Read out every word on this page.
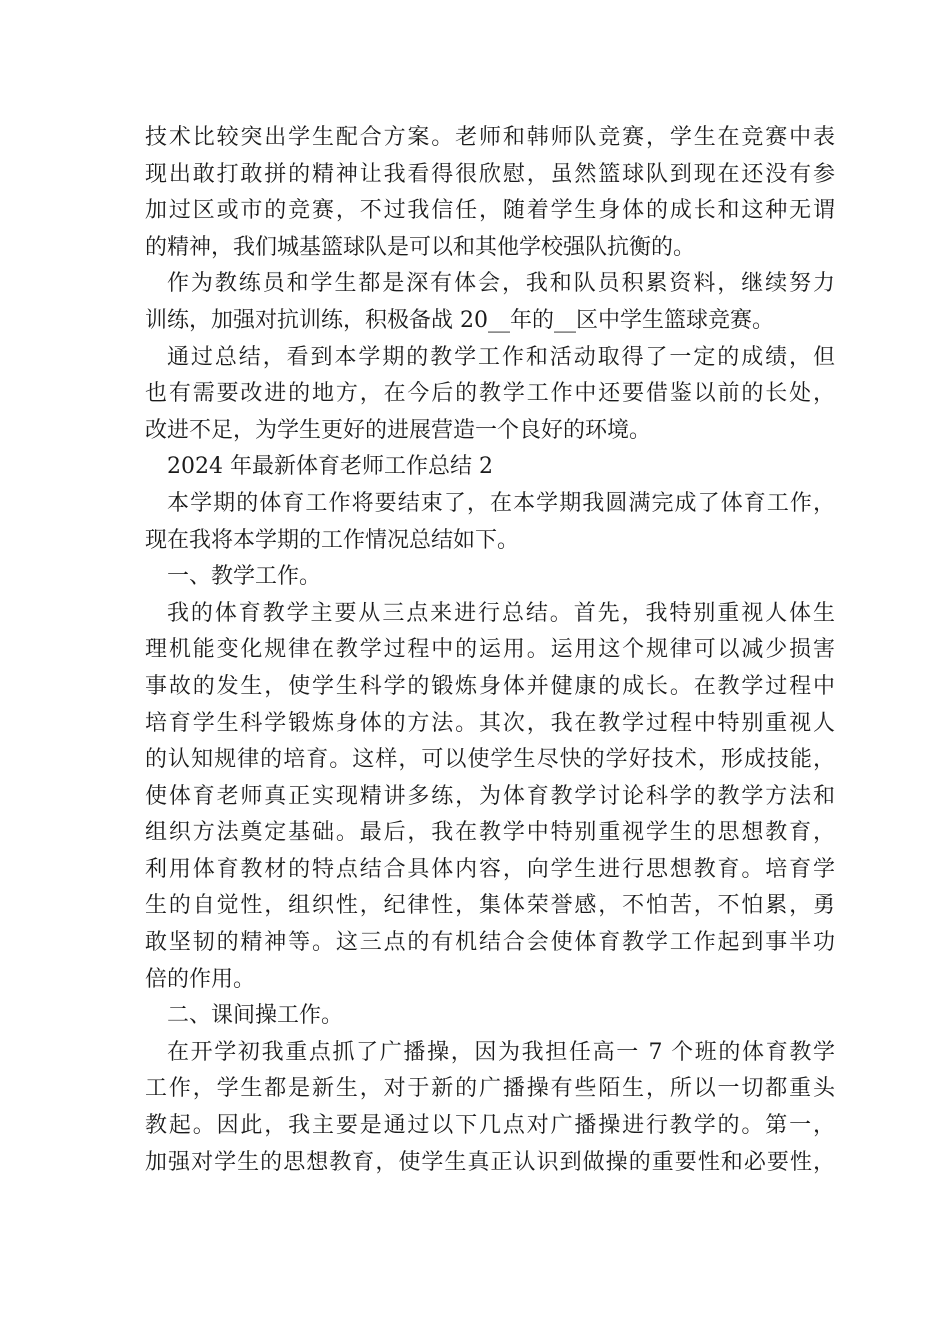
技术比较突出学生配合方案。老师和韩师队竞赛，学生在竞赛中表
现出敢打敢拼的精神让我看得很欣慰，虽然篮球队到现在还没有参
加过区或市的竞赛，不过我信任，随着学生身体的成长和这种无谓
的精神，我们城基篮球队是可以和其他学校强队抗衡的。
作为教练员和学生都是深有体会，我和队员积累资料，继续努力
训练，加强对抗训练，积极备战 20__年的__区中学生篮球竞赛。
通过总结，看到本学期的教学工作和活动取得了一定的成绩，但
也有需要改进的地方，在今后的教学工作中还要借鉴以前的长处，
改进不足，为学生更好的进展营造一个良好的环境。
2024 年最新体育老师工作总结 2
本学期的体育工作将要结束了，在本学期我圆满完成了体育工作，
现在我将本学期的工作情况总结如下。
一、教学工作。
我的体育教学主要从三点来进行总结。首先，我特别重视人体生
理机能变化规律在教学过程中的运用。运用这个规律可以减少损害
事故的发生，使学生科学的锻炼身体并健康的成长。在教学过程中
培育学生科学锻炼身体的方法。其次，我在教学过程中特别重视人
的认知规律的培育。这样，可以使学生尽快的学好技术，形成技能，
使体育老师真正实现精讲多练，为体育教学讨论科学的教学方法和
组织方法奠定基础。最后，我在教学中特别重视学生的思想教育，
利用体育教材的特点结合具体内容，向学生进行思想教育。培育学
生的自觉性，组织性，纪律性，集体荣誉感，不怕苦，不怕累，勇
敢坚韧的精神等。这三点的有机结合会使体育教学工作起到事半功
倍的作用。
二、课间操工作。
在开学初我重点抓了广播操，因为我担任高一 7 个班的体育教学
工作，学生都是新生，对于新的广播操有些陌生，所以一切都重头
教起。因此，我主要是通过以下几点对广播操进行教学的。第一，
加强对学生的思想教育，使学生真正认识到做操的重要性和必要性，
